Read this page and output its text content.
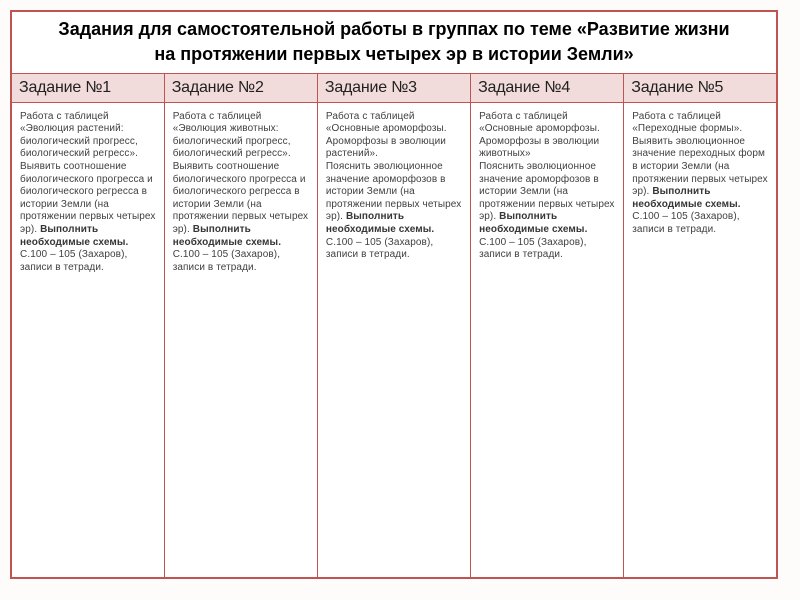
Задания для самостоятельной работы в группах по теме «Развитие жизни
на протяжении первых четырех эр в истории Земли»				

Задание №1	Задание №2	Задание №3	Задание №4	Задание №5
Работа с таблицей «Эволюция растений: биологический прогресс, биологический регресс».
Выявить соотношение биологического прогресса и биологического регресса в истории Земли (на протяжении первых четырех эр). Выполнить необходимые схемы.
С.100 – 105 (Захаров), записи в тетради.	Работа с таблицей «Эволюция животных: биологический прогресс, биологический регресс».
Выявить соотношение биологического прогресса и биологического регресса в истории Земли (на протяжении первых четырех эр). Выполнить необходимые схемы.
С.100 – 105 (Захаров), записи в тетради.	Работа с таблицей «Основные ароморфозы. Ароморфозы в эволюции растений».
Пояснить эволюционное значение ароморфозов в истории Земли (на протяжении первых четырех эр). Выполнить необходимые схемы.
С.100 – 105 (Захаров), записи в тетради.	Работа с таблицей «Основные ароморфозы. Ароморфозы в эволюции животных»
Пояснить эволюционное значение ароморфозов в истории Земли (на протяжении первых четырех эр). Выполнить необходимые схемы.
С.100 – 105 (Захаров), записи в тетради.	Работа с таблицей «Переходные формы».
Выявить эволюционное значение переходных форм в истории Земли (на протяжении первых четырех эр). Выполнить необходимые схемы.
С.100 – 105 (Захаров), записи в тетради.
